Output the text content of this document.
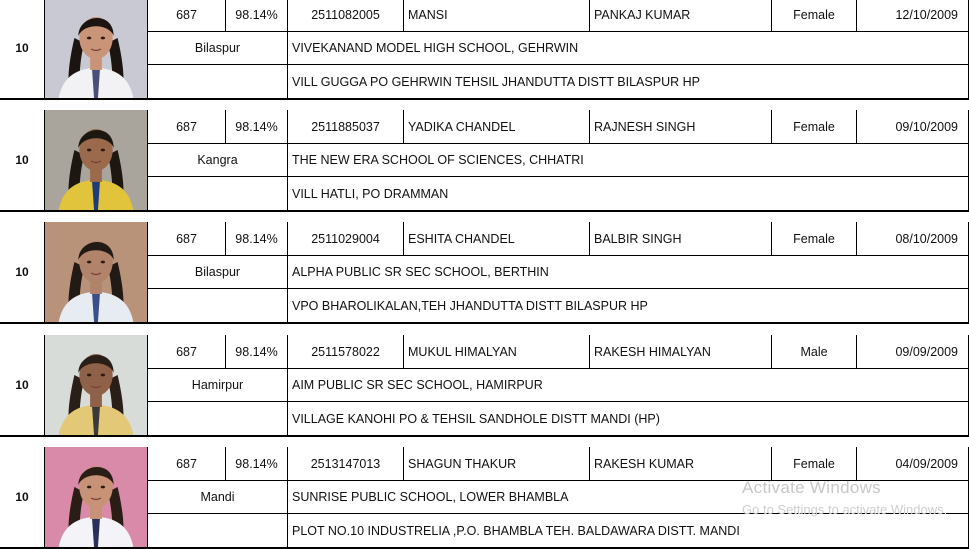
10
687	98.14%	2511082005	MANSI	PANKAJ KUMAR	Female	12/10/2009
Bilaspur	VIVEKANAND MODEL HIGH SCHOOL, GEHRWIN
VILL GUGGA PO GEHRWIN TEHSIL JHANDUTTA DISTT BILASPUR HP
10
687	98.14%	2511885037	YADIKA CHANDEL	RAJNESH SINGH	Female	09/10/2009
Kangra	THE NEW ERA SCHOOL OF SCIENCES, CHHATRI
VILL HATLI, PO DRAMMAN
10
687	98.14%	2511029004	ESHITA CHANDEL	BALBIR SINGH	Female	08/10/2009
Bilaspur	ALPHA PUBLIC SR SEC SCHOOL, BERTHIN
VPO BHAROLIKALAN,TEH JHANDUTTA DISTT BILASPUR HP
10
687	98.14%	2511578022	MUKUL HIMALYAN	RAKESH HIMALYAN	Male	09/09/2009
Hamirpur	AIM PUBLIC SR SEC SCHOOL, HAMIRPUR
VILLAGE KANOHI PO & TEHSIL SANDHOLE DISTT MANDI (HP)
10
687	98.14%	2513147013	SHAGUN THAKUR	RAKESH KUMAR	Female	04/09/2009
Mandi	SUNRISE PUBLIC SCHOOL, LOWER BHAMBLA
PLOT NO.10 INDUSTRELIA ,P.O. BHAMBLA TEH. BALDAWARA DISTT. MANDI
Activate Windows
Go to Settings to activate Windows.
